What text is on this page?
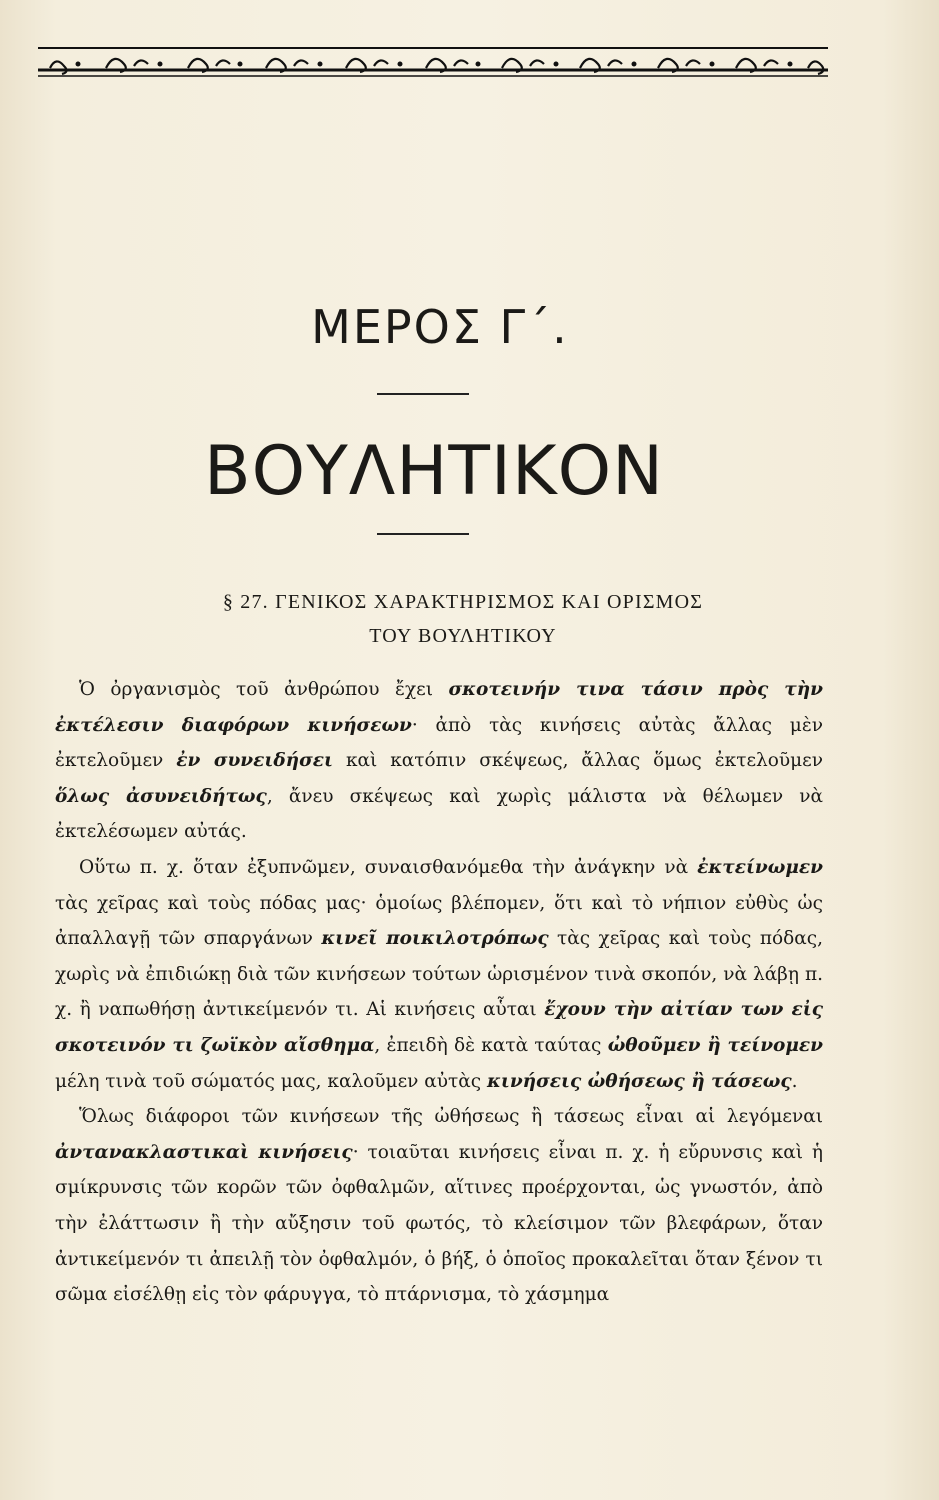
ΜΕΡΟΣ Γ΄.
ΒΟΥΛΗΤΙΚΟΝ
§ 27. ΓΕΝΙΚΟΣ ΧΑΡΑΚΤΗΡΙΣΜΟΣ ΚΑΙ ΟΡΙΣΜΟΣ
ΤΟΥ ΒΟΥΛΗΤΙΚΟΥ

Ὁ ὀργανισμὸς τοῦ ἀνθρώπου ἔχει σκοτεινήν τινα τάσιν πρὸς τὴν ἐκτέλεσιν διαφόρων κινήσεων· ἀπὸ τὰς κινήσεις αὐτὰς ἄλλας μὲν ἐκτελοῦμεν ἐν συνειδήσει καὶ κατόπιν σκέψεως, ἄλλας ὅμως ἐκτελοῦμεν ὅλως ἀσυνειδήτως, ἄνευ σκέψεως καὶ χωρὶς μάλιστα νὰ θέλωμεν νὰ ἐκτελέσωμεν αὐτάς.

Οὕτω π. χ. ὅταν ἐξυπνῶμεν, συναισθανόμεθα τὴν ἀνάγκην νὰ ἐκτείνωμεν τὰς χεῖρας καὶ τοὺς πόδας μας· ὁμοίως βλέπομεν, ὅτι καὶ τὸ νήπιον εὐθὺς ὡς ἀπαλλαγῇ τῶν σπαργάνων κινεῖ ποικιλοτρόπως τὰς χεῖρας καὶ τοὺς πόδας, χωρὶς νὰ ἐπιδιώκῃ διὰ τῶν κινήσεων τούτων ὡρισμένον τινὰ σκοπόν, νὰ λάβῃ π. χ. ἢ ναπωθήσῃ ἀντικείμενόν τι. Αἱ κινήσεις αὗται ἔχουν τὴν αἰτίαν των εἰς σκοτεινόν τι ζωϊκὸν αἴσθημα, ἐπειδὴ δὲ κατὰ ταύτας ὠθοῦμεν ἢ τείνομεν μέλη τινὰ τοῦ σώματός μας, καλοῦμεν αὐτὰς κινήσεις ὠθήσεως ἢ τάσεως.

Ὅλως διάφοροι τῶν κινήσεων τῆς ὠθήσεως ἢ τάσεως εἶναι αἱ λεγόμεναι ἀντανακλαστικαὶ κινήσεις· τοιαῦται κινήσεις εἶναι π. χ. ἡ εὔρυνσις καὶ ἡ σμίκρυνσις τῶν κορῶν τῶν ὀφθαλμῶν, αἵτινες προέρχονται, ὡς γνωστόν, ἀπὸ τὴν ἐλάττωσιν ἢ τὴν αὔξησιν τοῦ φωτός, τὸ κλείσιμον τῶν βλεφάρων, ὅταν ἀντικείμενόν τι ἀπειλῇ τὸν ὀφθαλμόν, ὁ βήξ, ὁ ὁποῖος προκαλεῖται ὅταν ξένον τι σῶμα εἰσέλθῃ εἰς τὸν φάρυγγα, τὸ πτάρνισμα, τὸ χάσμημα
